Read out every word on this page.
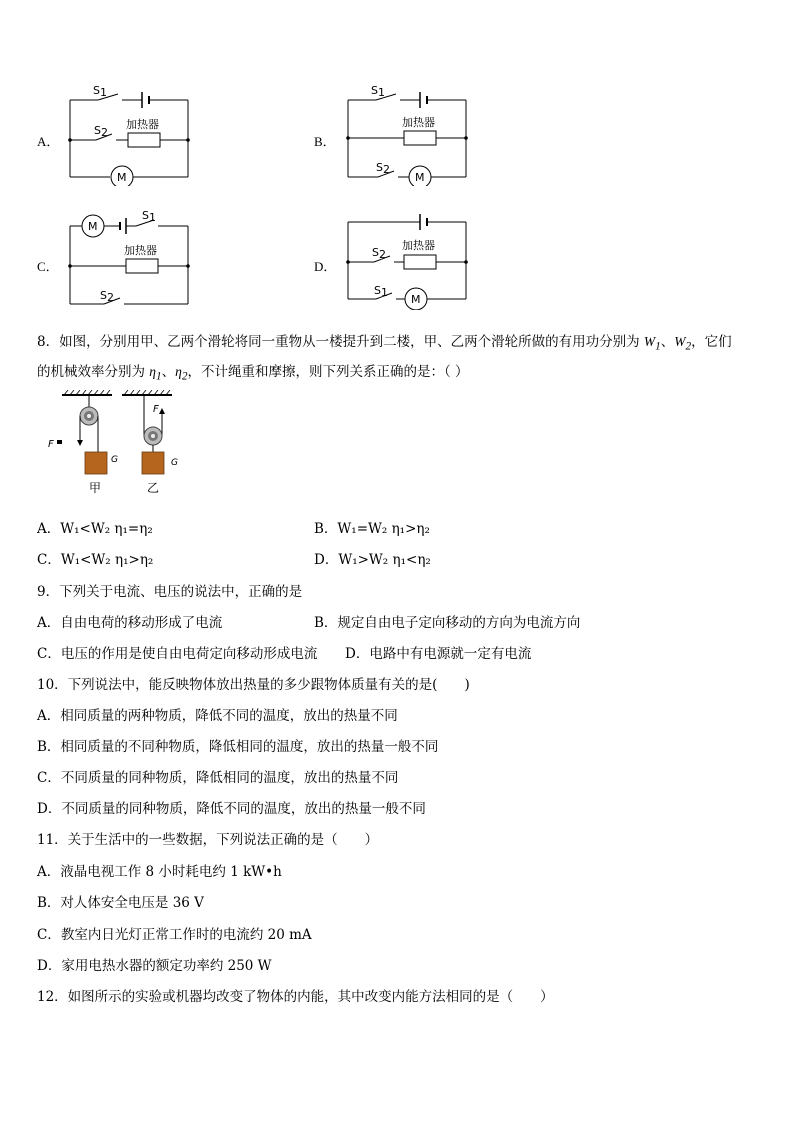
A．
S1
S2
加热器
M
B．
S1
S2
加热器
M
C．
S1
S2
加热器
M
D．
S1
S2
加热器
M
8．如图，分别用甲、乙两个滑轮将同一重物从一楼提升到二楼，甲、乙两个滑轮所做的有用功分别为 $W_1$、$W_2$，它们
的机械效率分别为 $\eta_1$、$\eta_2$，不计绳重和摩擦，则下列关系正确的是：（ ）
F
G
甲
F
G
乙
A．W₁<W₂ η₁=η₂	B．W₁=W₂ η₁>η₂
C．W₁<W₂ η₁>η₂	D．W₁>W₂ η₁<η₂
9．下列关于电流、电压的说法中，正确的是
A．自由电荷的移动形成了电流	B．规定自由电子定向移动的方向为电流方向
C．电压的作用是使自由电荷定向移动形成电流 D．电路中有电源就一定有电流
10．下列说法中，能反映物体放出热量的多少跟物体质量有关的是(　　)
A．相同质量的两种物质，降低不同的温度，放出的热量不同
B．相同质量的不同种物质，降低相同的温度，放出的热量一般不同
C．不同质量的同种物质，降低相同的温度，放出的热量不同
D．不同质量的同种物质，降低不同的温度，放出的热量一般不同
11．关于生活中的一些数据，下列说法正确的是（　　）
A．液晶电视工作 8 小时耗电约 1 kW•h
B．对人体安全电压是 36 V
C．教室内日光灯正常工作时的电流约 20 mA
D．家用电热水器的额定功率约 250 W
12．如图所示的实验或机器均改变了物体的内能，其中改变内能方法相同的是（　　）
